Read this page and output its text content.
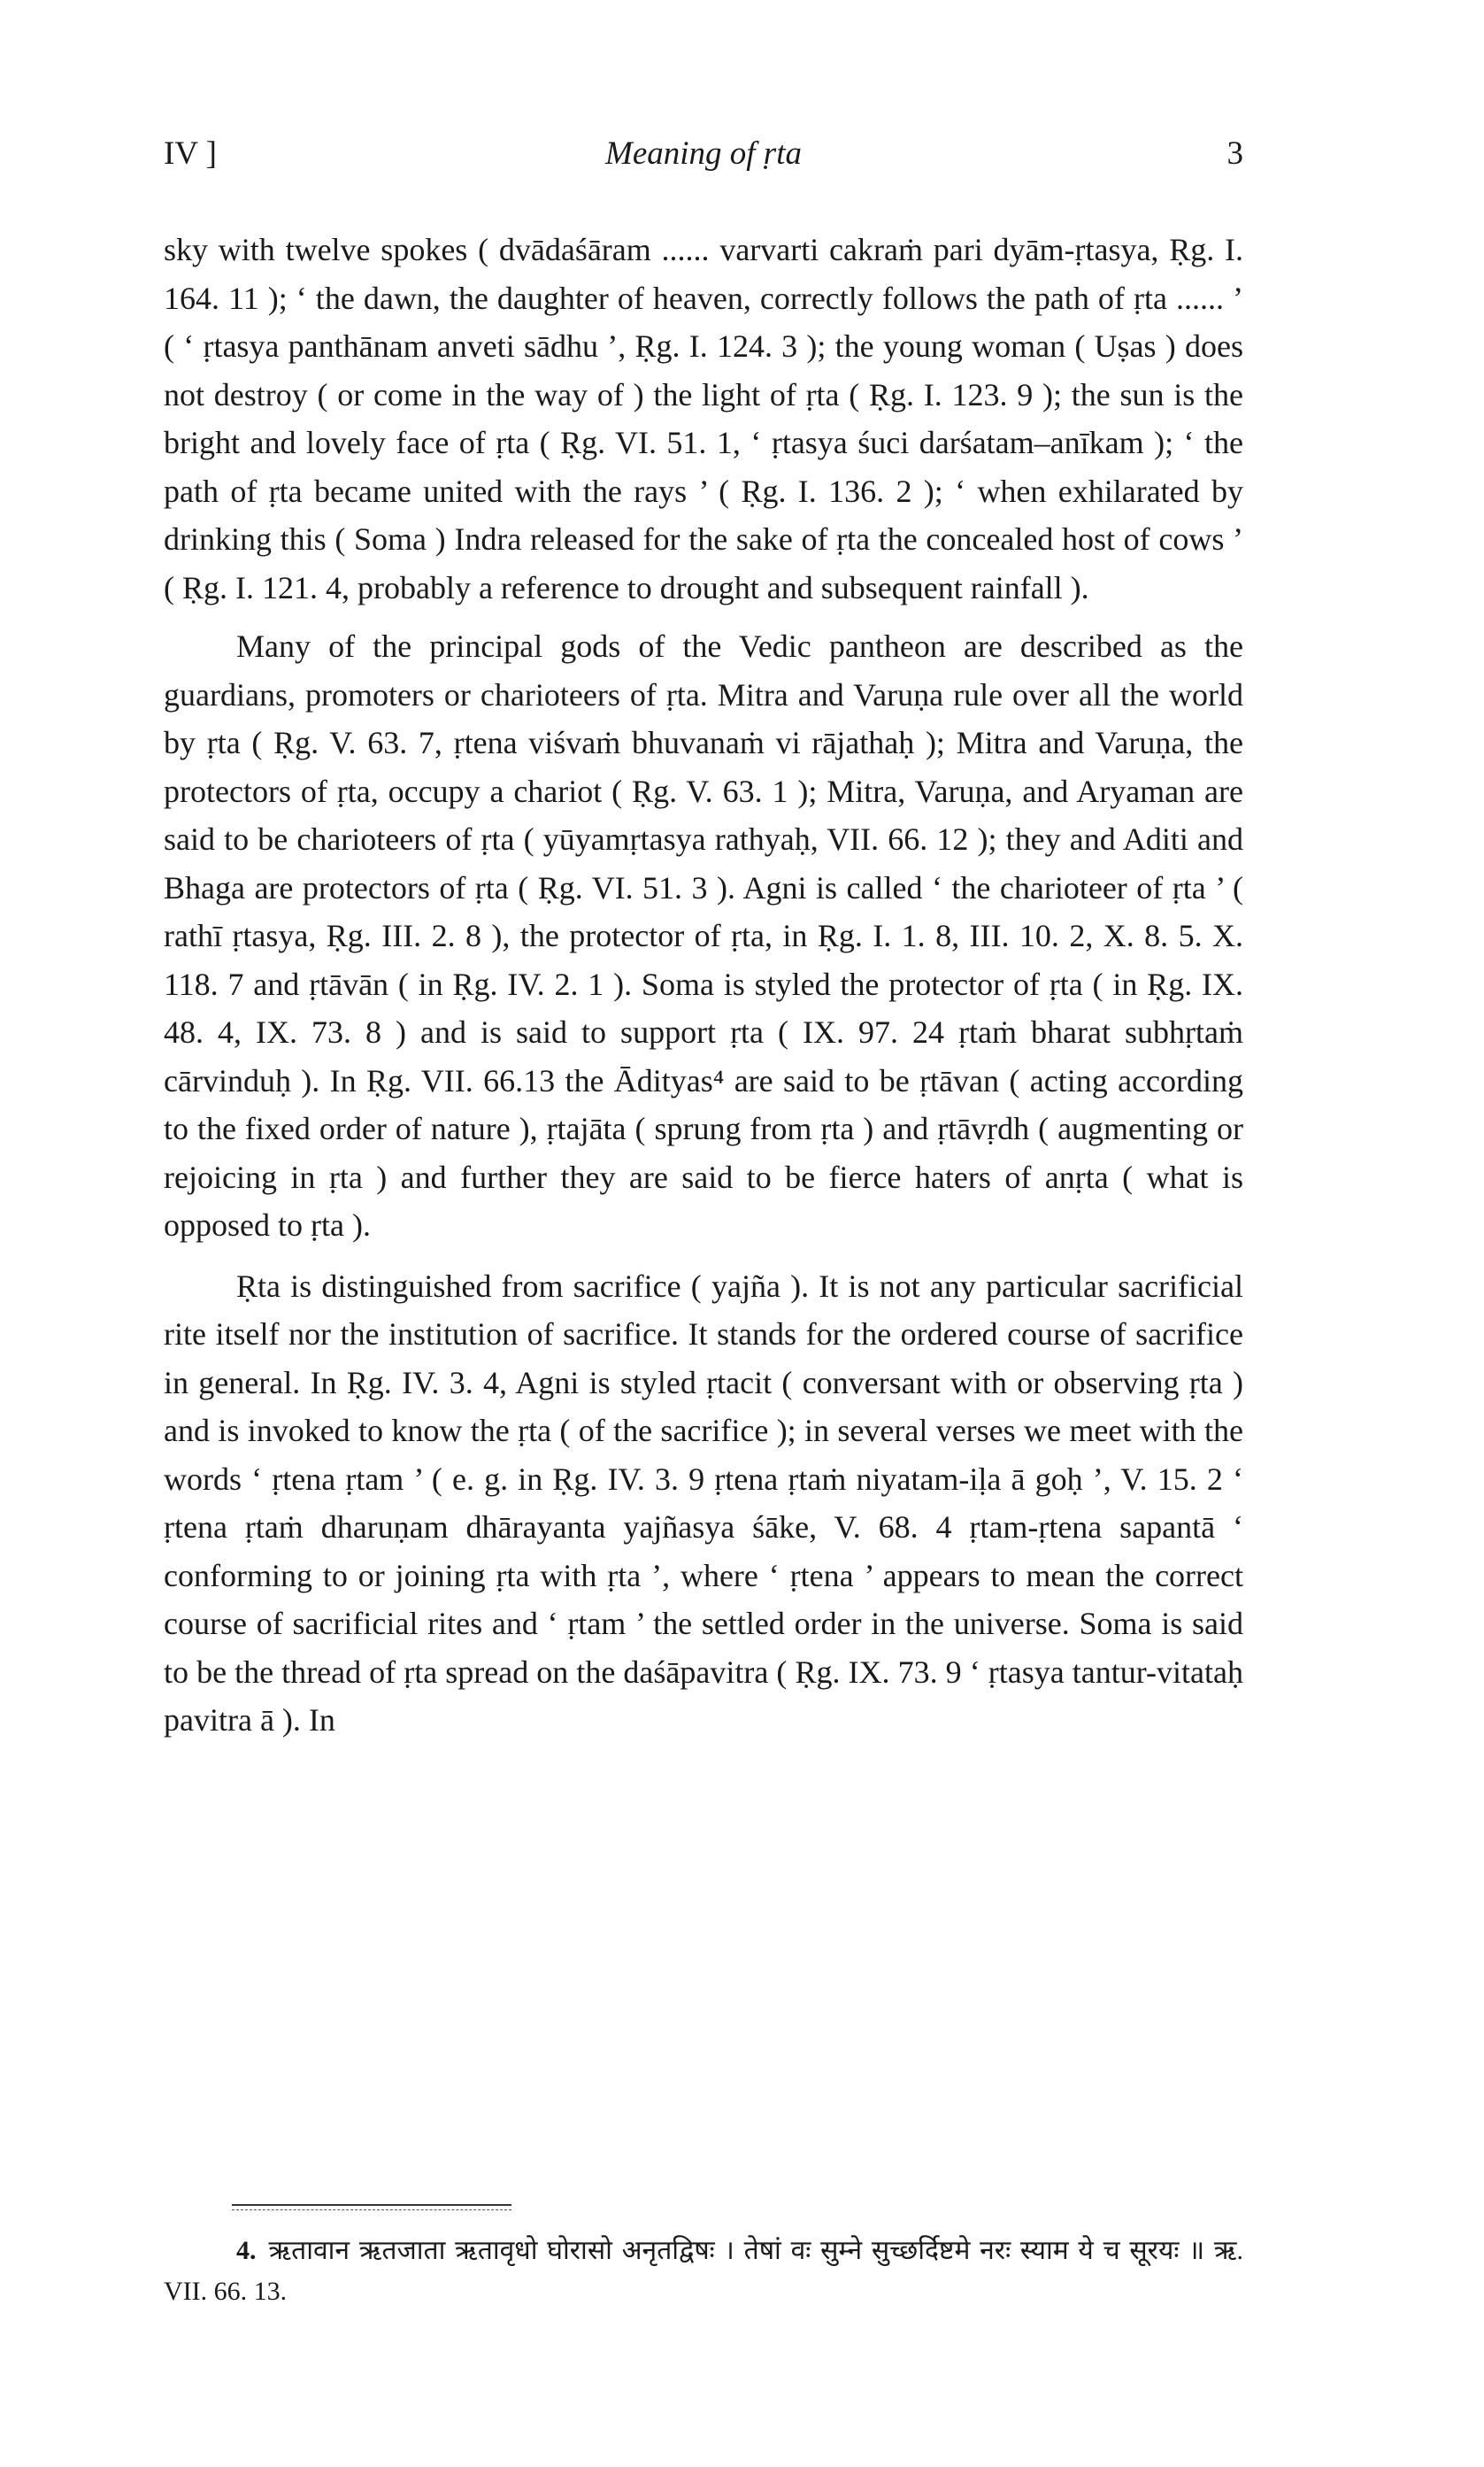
IV ]	Meaning of ṛta	3

sky with twelve spokes ( dvādaśāram ...... varvarti cakraṁ pari dyām-ṛtasya, Ṛg. I. 164. 11 ); ‘ the dawn, the daughter of heaven, correctly follows the path of ṛta ...... ’ ( ‘ ṛtasya panthānam anveti sādhu ’, Ṛg. I. 124. 3 ); the young woman ( Uṣas ) does not destroy ( or come in the way of ) the light of ṛta ( Ṛg. I. 123. 9 ); the sun is the bright and lovely face of ṛta ( Ṛg. VI. 51. 1, ‘ ṛtasya śuci darśatam–anīkam ); ‘ the path of ṛta became united with the rays ’ ( Ṛg. I. 136. 2 ); ‘ when exhilarated by drinking this ( Soma ) Indra released for the sake of ṛta the concealed host of cows ’ ( Ṛg. I. 121. 4, probably a reference to drought and subsequent rainfall ).

Many of the principal gods of the Vedic pantheon are described as the guardians, promoters or charioteers of ṛta. Mitra and Varuṇa rule over all the world by ṛta ( Ṛg. V. 63. 7, ṛtena viśvaṁ bhuvanaṁ vi rājathaḥ ); Mitra and Varuṇa, the protectors of ṛta, occupy a chariot ( Ṛg. V. 63. 1 ); Mitra, Varuṇa, and Aryaman are said to be charioteers of ṛta ( yūyamṛtasya rathyaḥ, VII. 66. 12 ); they and Aditi and Bhaga are protectors of ṛta ( Ṛg. VI. 51. 3 ). Agni is called ‘ the charioteer of ṛta ’ ( rathī ṛtasya, Ṛg. III. 2. 8 ), the protector of ṛta, in Ṛg. I. 1. 8, III. 10. 2, X. 8. 5. X. 118. 7 and ṛtāvān ( in Ṛg. IV. 2. 1 ). Soma is styled the protector of ṛta ( in Ṛg. IX. 48. 4, IX. 73. 8 ) and is said to support ṛta ( IX. 97. 24 ṛtaṁ bharat subhṛtaṁ cārvinduḥ ). In Ṛg. VII. 66.13 the Ādityas⁴ are said to be ṛtāvan ( acting according to the fixed order of nature ), ṛtajāta ( sprung from ṛta ) and ṛtāvṛdh ( augmenting or rejoicing in ṛta ) and further they are said to be fierce haters of anṛta ( what is opposed to ṛta ).

Ṛta is distinguished from sacrifice ( yajña ). It is not any particular sacrificial rite itself nor the institution of sacrifice. It stands for the ordered course of sacrifice in general. In Ṛg. IV. 3. 4, Agni is styled ṛtacit ( conversant with or observing ṛta ) and is invoked to know the ṛta ( of the sacrifice ); in several verses we meet with the words ‘ ṛtena ṛtam ’ ( e. g. in Ṛg. IV. 3. 9 ṛtena ṛtaṁ niyatam-iḷa ā goḥ ’, V. 15. 2 ‘ ṛtena ṛtaṁ dharuṇam dhārayanta yajñasya śāke, V. 68. 4 ṛtam-ṛtena sapantā ‘ conforming to or joining ṛta with ṛta ’, where ‘ ṛtena ’ appears to mean the correct course of sacrificial rites and ‘ ṛtam ’ the settled order in the universe. Soma is said to be the thread of ṛta spread on the daśāpavitra ( Ṛg. IX. 73. 9 ‘ ṛtasya tantur-vitataḥ pavitra ā ). In

4. ऋतावान ऋतजाता ऋतावृधो घोरासो अनृतद्विषः । तेषां वः सुम्ने सुच्छर्दिष्टमे नरः स्याम ये च सूरयः ॥ ऋ. VII. 66. 13.
